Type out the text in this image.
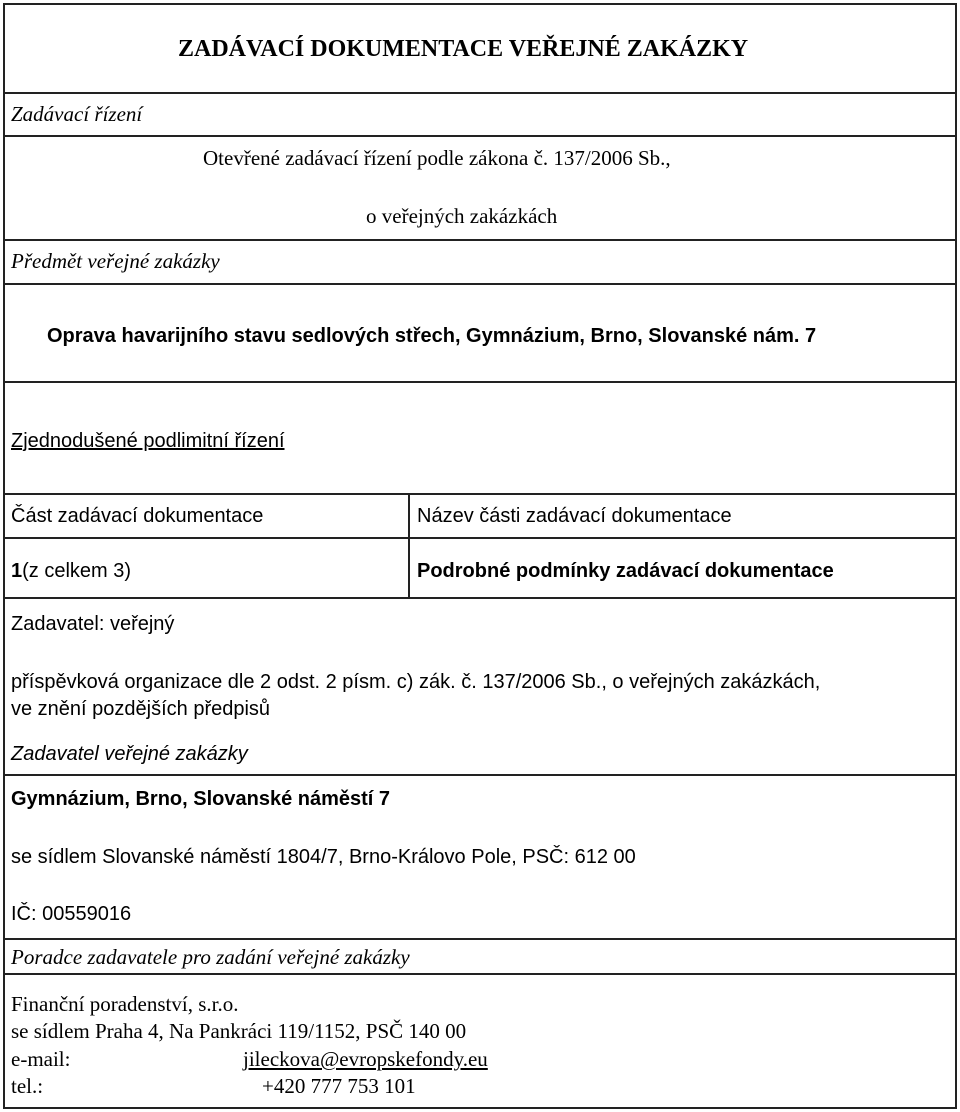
ZADÁVACÍ DOKUMENTACE VEŘEJNÉ ZAKÁZKY
Zadávací řízení
Otevřené zadávací řízení podle zákona č. 137/2006 Sb.,
o veřejných zakázkách
Předmět veřejné zakázky
Oprava havarijního stavu sedlových střech, Gymnázium, Brno, Slovanské nám. 7
Zjednodušené podlimitní řízení
Část zadávací dokumentace	Název části zadávací dokumentace
1(z celkem 3)	Podrobné podmínky zadávací dokumentace
Zadavatel: veřejný
příspěvková organizace dle 2 odst. 2 písm. c) zák. č. 137/2006 Sb., o veřejných zakázkách,
ve znění pozdějších předpisů
Zadavatel veřejné zakázky
Gymnázium, Brno, Slovanské náměstí 7
se sídlem Slovanské náměstí 1804/7, Brno-Královo Pole, PSČ: 612 00
IČ: 00559016
Poradce zadavatele pro zadání veřejné zakázky
Finanční poradenství, s.r.o.
se sídlem Praha 4, Na Pankráci 119/1152, PSČ 140 00
e-mail:	jileckova@evropskefondy.eu
tel.:	+420 777 753 101
